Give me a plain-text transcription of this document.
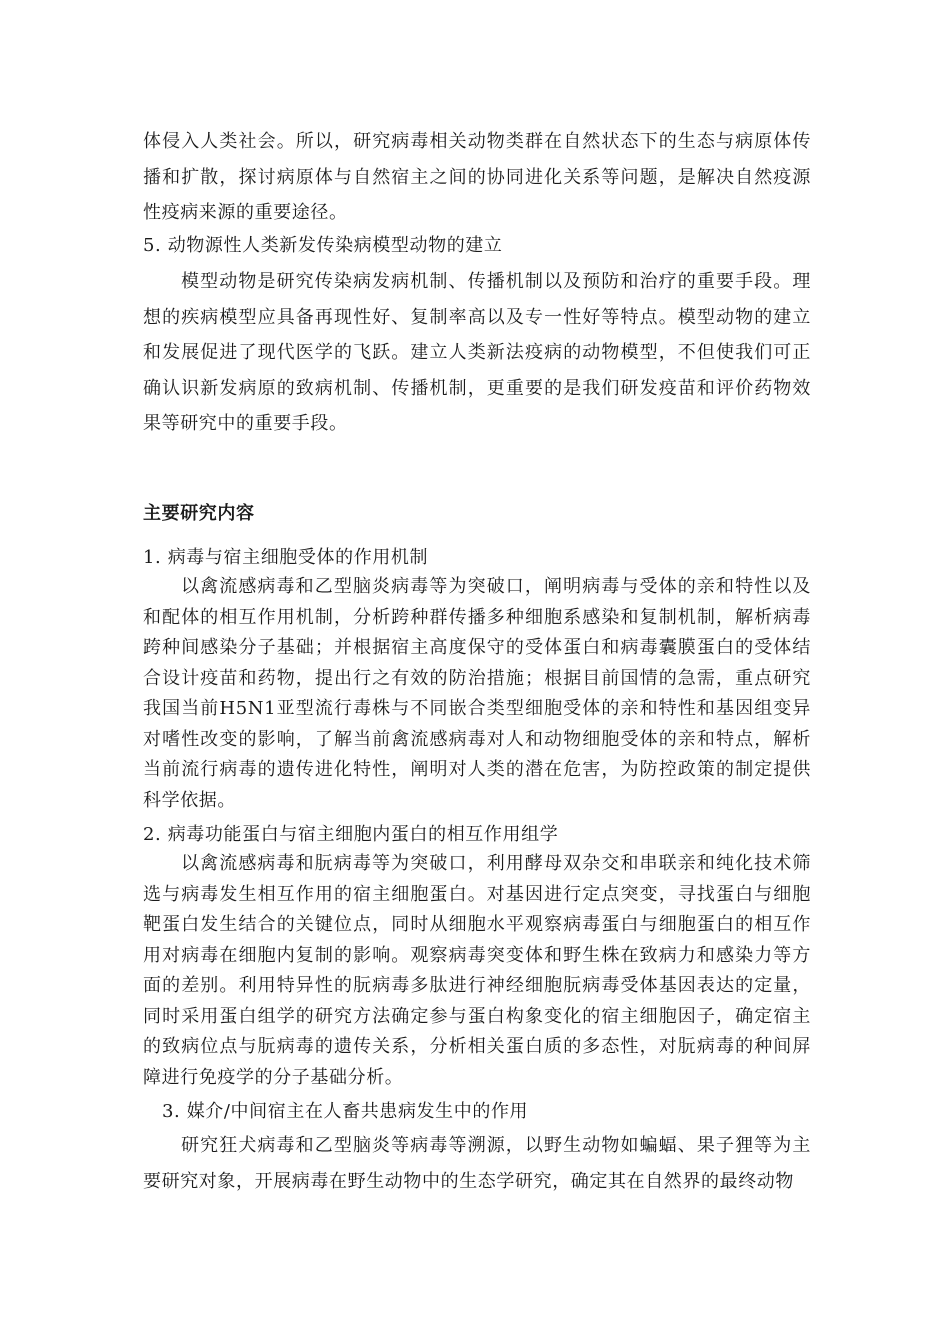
体侵入人类社会。所以，研究病毒相关动物类群在自然状态下的生态与病原体传播和扩散，探讨病原体与自然宿主之间的协同进化关系等问题，是解决自然疫源性疫病来源的重要途径。

5. 动物源性人类新发传染病模型动物的建立

模型动物是研究传染病发病机制、传播机制以及预防和治疗的重要手段。理想的疾病模型应具备再现性好、复制率高以及专一性好等特点。模型动物的建立和发展促进了现代医学的飞跃。建立人类新法疫病的动物模型，不但使我们可正确认识新发病原的致病机制、传播机制，更重要的是我们研发疫苗和评价药物效果等研究中的重要手段。

主要研究内容

1. 病毒与宿主细胞受体的作用机制

以禽流感病毒和乙型脑炎病毒等为突破口，阐明病毒与受体的亲和特性以及和配体的相互作用机制，分析跨种群传播多种细胞系感染和复制机制，解析病毒跨种间感染分子基础；并根据宿主高度保守的受体蛋白和病毒囊膜蛋白的受体结合设计疫苗和药物，提出行之有效的防治措施；根据目前国情的急需，重点研究我国当前H5N1亚型流行毒株与不同嵌合类型细胞受体的亲和特性和基因组变异对嗜性改变的影响，了解当前禽流感病毒对人和动物细胞受体的亲和特点，解析当前流行病毒的遗传进化特性，阐明对人类的潜在危害，为防控政策的制定提供科学依据。

2. 病毒功能蛋白与宿主细胞内蛋白的相互作用组学

以禽流感病毒和朊病毒等为突破口，利用酵母双杂交和串联亲和纯化技术筛选与病毒发生相互作用的宿主细胞蛋白。对基因进行定点突变，寻找蛋白与细胞靶蛋白发生结合的关键位点，同时从细胞水平观察病毒蛋白与细胞蛋白的相互作用对病毒在细胞内复制的影响。观察病毒突变体和野生株在致病力和感染力等方面的差别。利用特异性的朊病毒多肽进行神经细胞朊病毒受体基因表达的定量，同时采用蛋白组学的研究方法确定参与蛋白构象变化的宿主细胞因子，确定宿主的致病位点与朊病毒的遗传关系，分析相关蛋白质的多态性，对朊病毒的种间屏障进行免疫学的分子基础分析。

3. 媒介/中间宿主在人畜共患病发生中的作用

研究狂犬病毒和乙型脑炎等病毒等溯源，以野生动物如蝙蝠、果子狸等为主要研究对象，开展病毒在野生动物中的生态学研究，确定其在自然界的最终动物
